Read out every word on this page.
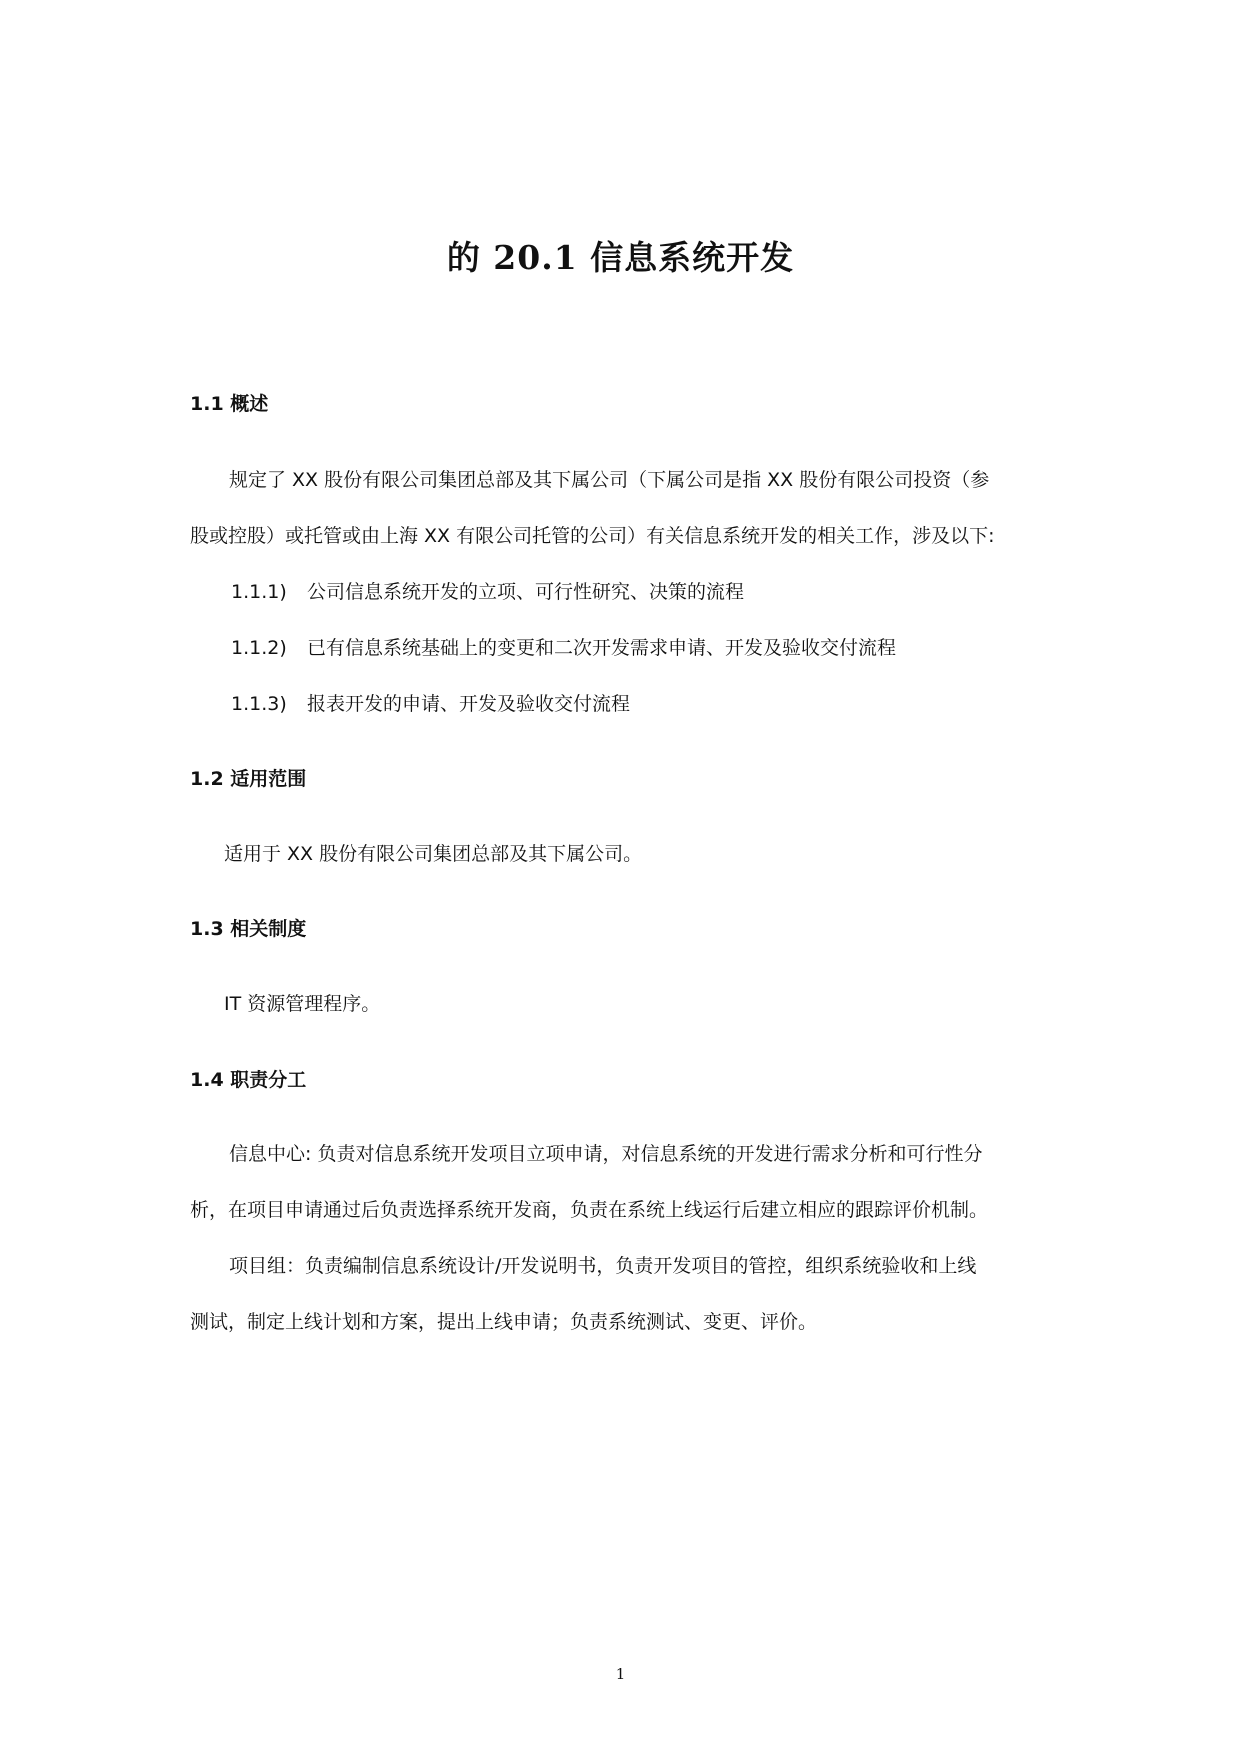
的 20.1 信息系统开发
1.1 概述
规定了 XX 股份有限公司集团总部及其下属公司（下属公司是指 XX 股份有限公司投资（参
股或控股）或托管或由上海 XX 有限公司托管的公司）有关信息系统开发的相关工作，涉及以下:
1.1.1) 公司信息系统开发的立项、可行性研究、决策的流程
1.1.2) 已有信息系统基础上的变更和二次开发需求申请、开发及验收交付流程
1.1.3) 报表开发的申请、开发及验收交付流程
1.2 适用范围
适用于 XX 股份有限公司集团总部及其下属公司。
1.3 相关制度
IT 资源管理程序。
1.4 职责分工
信息中心: 负责对信息系统开发项目立项申请，对信息系统的开发进行需求分析和可行性分
析，在项目申请通过后负责选择系统开发商，负责在系统上线运行后建立相应的跟踪评价机制。
项目组：负责编制信息系统设计/开发说明书，负责开发项目的管控，组织系统验收和上线
测试，制定上线计划和方案，提出上线申请；负责系统测试、变更、评价。
1
